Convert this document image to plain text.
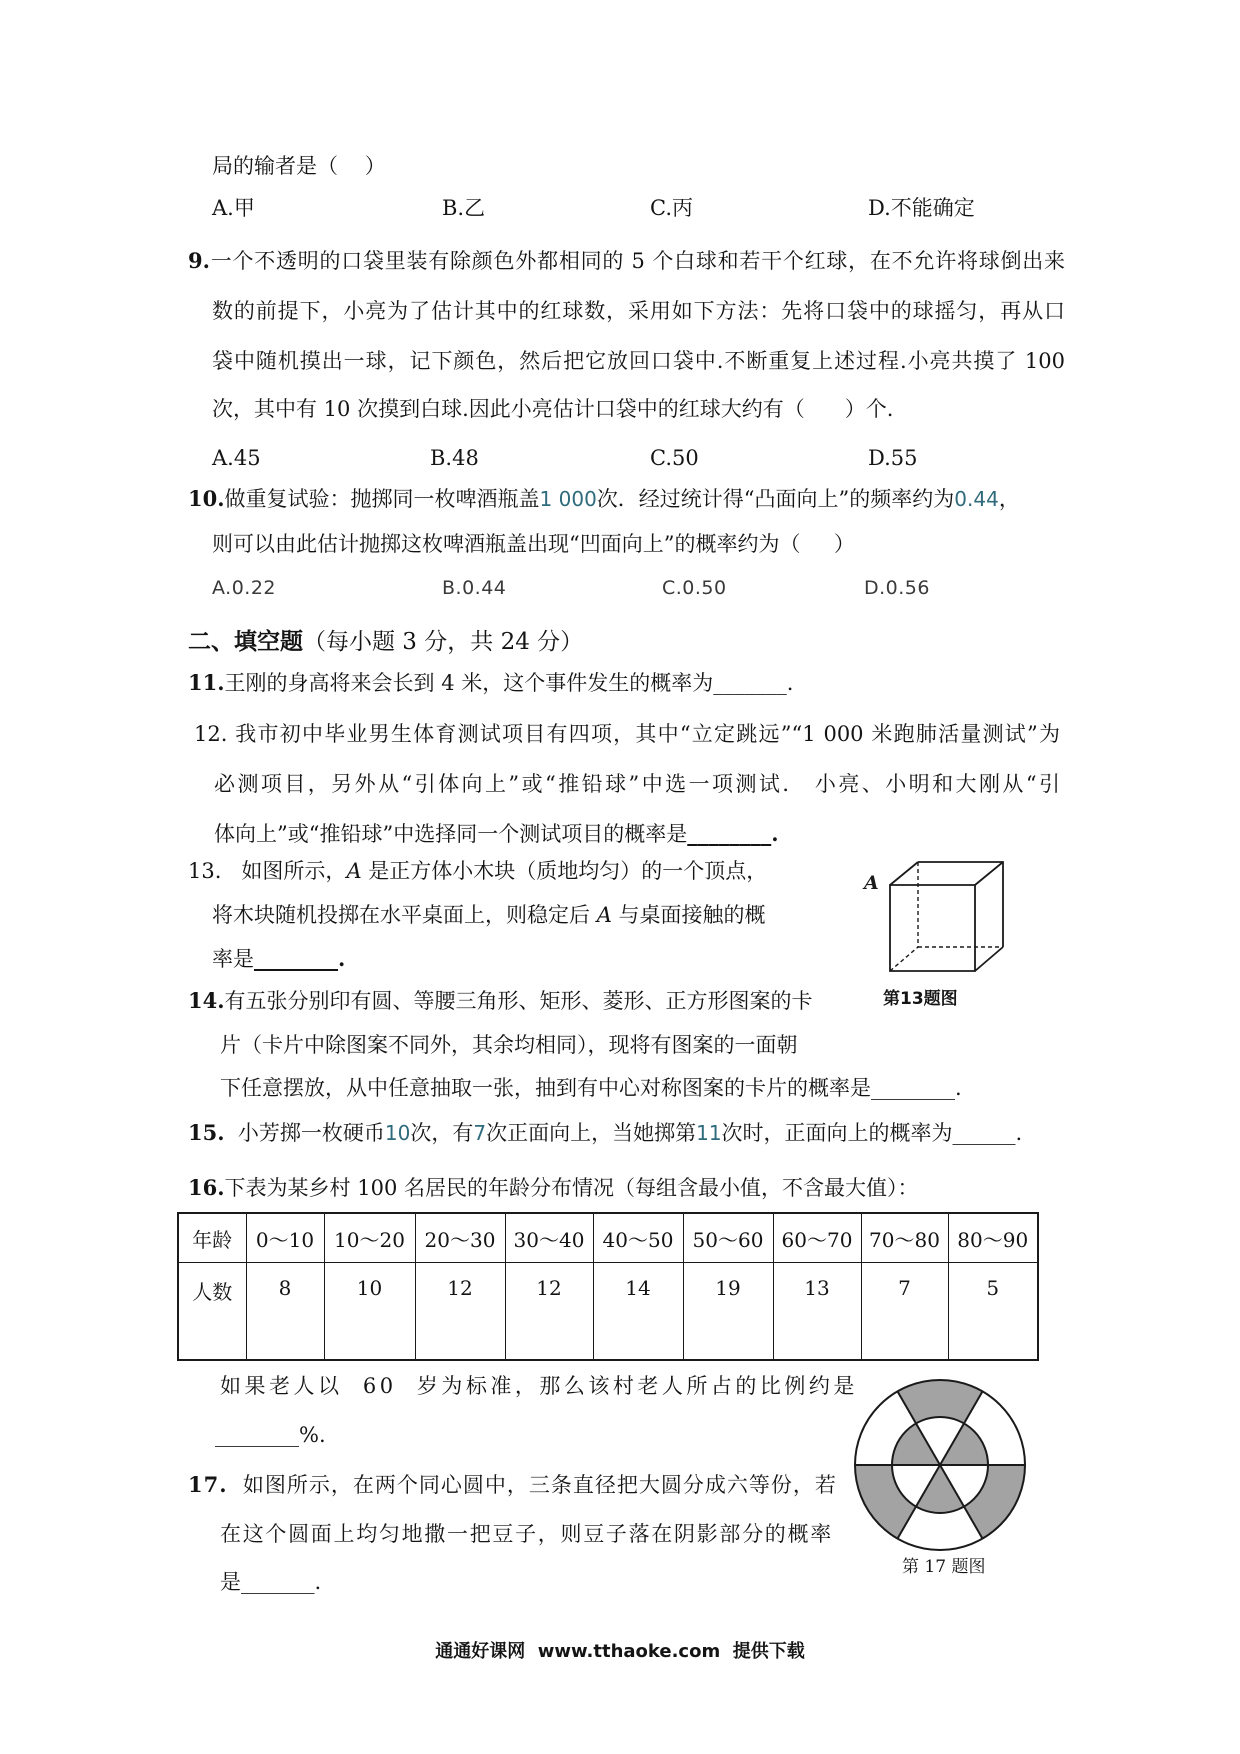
局的输者是（    ）
A.甲	B.乙	C.丙	D.不能确定
9.一个不透明的口袋里装有除颜色外都相同的 5 个白球和若干个红球，在不允许将球倒出来
数的前提下，小亮为了估计其中的红球数，采用如下方法：先将口袋中的球摇匀，再从口
袋中随机摸出一球，记下颜色，然后把它放回口袋中.不断重复上述过程.小亮共摸了 100
次，其中有 10 次摸到白球.因此小亮估计口袋中的红球大约有（      ）个.
A.45	B.48	C.50	D.55
10.做重复试验：抛掷同一枚啤酒瓶盖1 000次．经过统计得“凸面向上”的频率约为0.44，
则可以由此估计抛掷这枚啤酒瓶盖出现“凹面向上”的概率约为（     ）
A.0.22	B.0.44	C.0.50	D.0.56
二、填空题（每小题 3 分，共 24 分）
11.王刚的身高将来会长到 4 米，这个事件发生的概率为_______.
12. 我市初中毕业男生体育测试项目有四项，其中“立定跳远”“1 000 米跑肺活量测试”为
必测项目，另外从“引体向上”或“推铅球”中选一项测试． 小亮、小明和大刚从“引
体向上”或“推铅球”中选择同一个测试项目的概率是________.
13.   如图所示，A 是正方体小木块（质地均匀）的一个顶点，
将木块随机投掷在水平桌面上，则稳定后 A 与桌面接触的概
率是________.
A
第13题图
14.有五张分别印有圆、等腰三角形、矩形、菱形、正方形图案的卡
片（卡片中除图案不同外，其余均相同），现将有图案的一面朝
下任意摆放，从中任意抽取一张，抽到有中心对称图案的卡片的概率是________.
15.  小芳掷一枚硬币10次，有7次正面向上，当她掷第11次时，正面向上的概率为______.
16.下表为某乡村 100 名居民的年龄分布情况（每组含最小值，不含最大值）：
年龄	0～10	10～20	20～30	30～40	40～50	50～60	60～70	70～80	80～90
人数	8	10	12	12	14	19	13	7	5
如果老人以  60  岁为标准，那么该村老人所占的比例约是
________%.
17.  如图所示，在两个同心圆中，三条直径把大圆分成六等份，若
在这个圆面上均匀地撒一把豆子，则豆子落在阴影部分的概率
是_______.
第 17 题图
通通好课网  www.tthaoke.com  提供下载
